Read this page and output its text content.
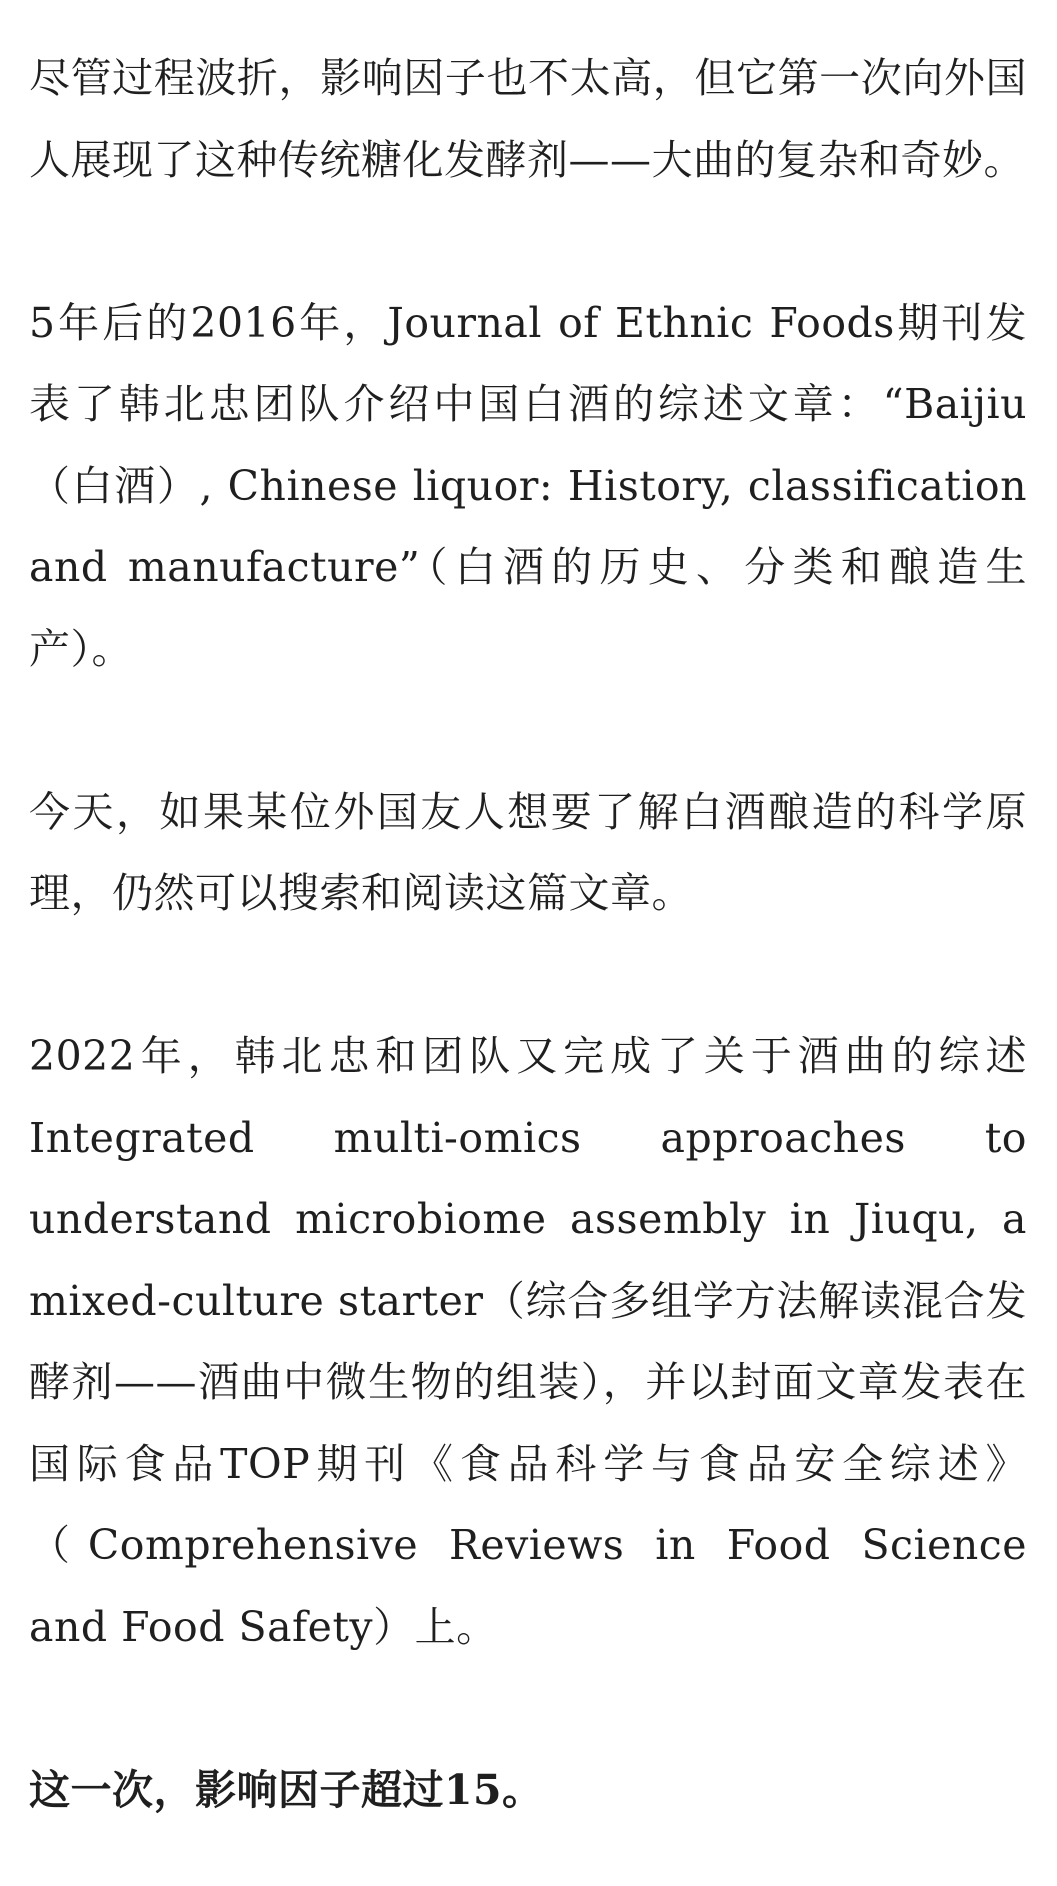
尽管过程波折，影响因子也不太高，但它第一次向外国人展现了这种传统糖化发酵剂——大曲的复杂和奇妙。

5年后的2016年，Journal of Ethnic Foods期刊发表了韩北忠团队介绍中国白酒的综述文章：“Baijiu（白酒）, Chinese liquor: History, classification and manufacture”（白酒的历史、分类和酿造生产）。

今天，如果某位外国友人想要了解白酒酿造的科学原理，仍然可以搜索和阅读这篇文章。

2022年，韩北忠和团队又完成了关于酒曲的综述Integrated multi-omics approaches to understand microbiome assembly in Jiuqu, a mixed-culture starter（综合多组学方法解读混合发酵剂——酒曲中微生物的组装），并以封面文章发表在国际食品TOP期刊《食品科学与食品安全综述》（Comprehensive Reviews in Food Science and Food Safety）上。

这一次，影响因子超过15。
